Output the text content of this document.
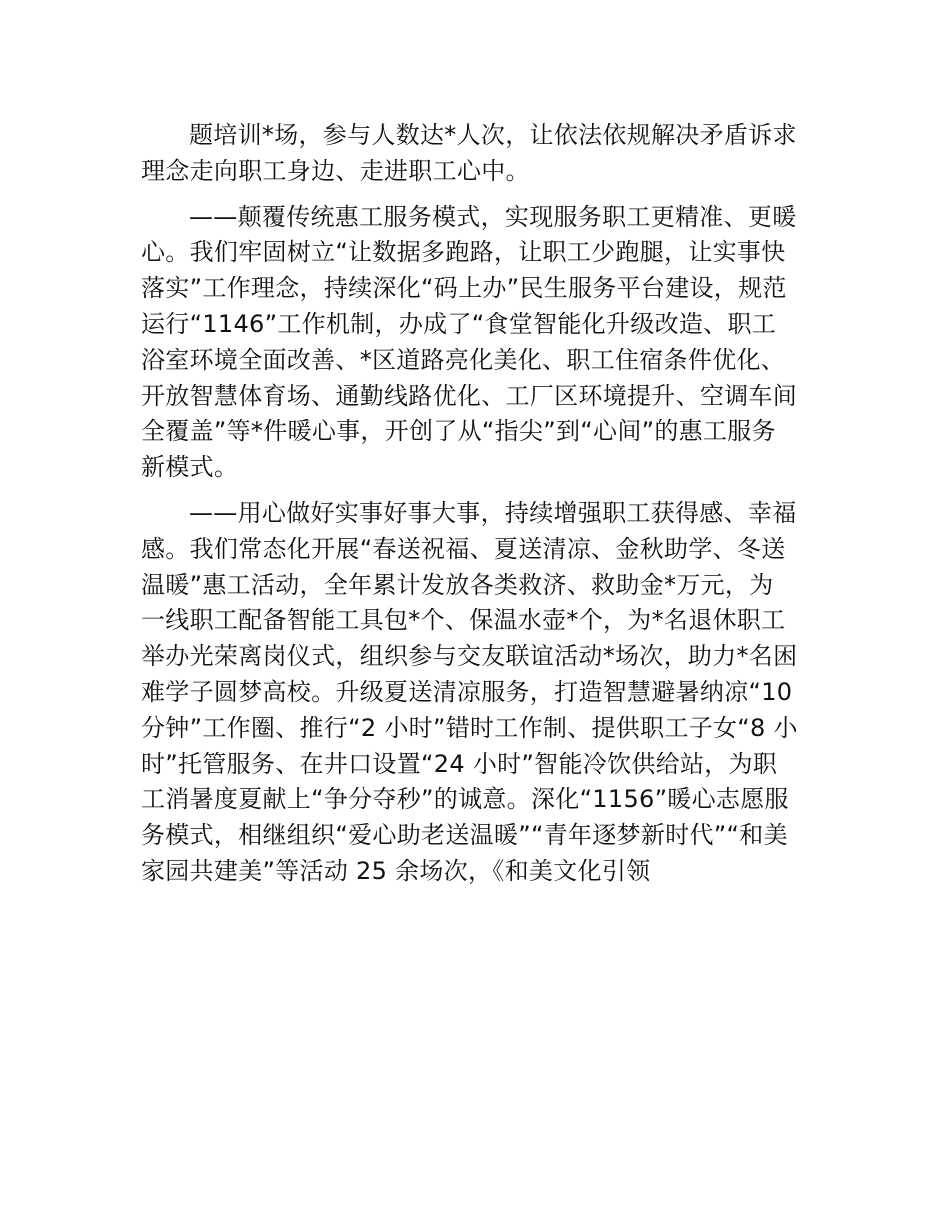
题培训*场，参与人数达*人次，让依法依规解决矛盾诉求
理念走向职工身边、走进职工心中。
——颠覆传统惠工服务模式，实现服务职工更精准、更暖
心。我们牢固树立“让数据多跑路，让职工少跑腿，让实事快
落实”工作理念，持续深化“码上办”民生服务平台建设，规范
运行“1146”工作机制，办成了“食堂智能化升级改造、职工
浴室环境全面改善、*区道路亮化美化、职工住宿条件优化、
开放智慧体育场、通勤线路优化、工厂区环境提升、空调车间
全覆盖”等*件暖心事，开创了从“指尖”到“心间”的惠工服务
新模式。
——用心做好实事好事大事，持续增强职工获得感、幸福
感。我们常态化开展“春送祝福、夏送清凉、金秋助学、冬送
温暖”惠工活动，全年累计发放各类救济、救助金*万元，为
一线职工配备智能工具包*个、保温水壶*个，为*名退休职工
举办光荣离岗仪式，组织参与交友联谊活动*场次，助力*名困
难学子圆梦高校。升级夏送清凉服务，打造智慧避暑纳凉“10
分钟”工作圈、推行“2 小时”错时工作制、提供职工子女“8 小
时”托管服务、在井口设置“24 小时”智能冷饮供给站，为职
工消暑度夏献上“争分夺秒”的诚意。深化“1156”暖心志愿服
务模式，相继组织“爱心助老送温暖”“青年逐梦新时代”“和美
家园共建美”等活动 25 余场次，《和美文化引领
